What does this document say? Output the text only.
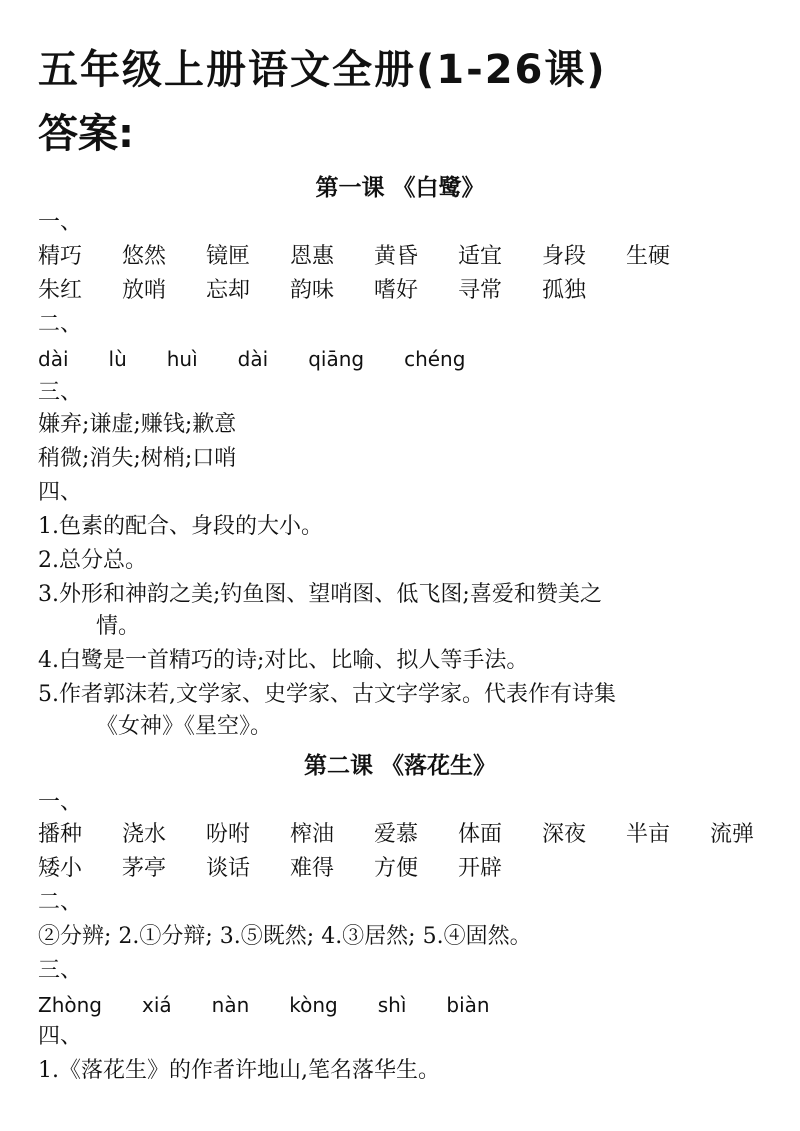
五年级上册语文全册(1-26课)
答案:
第一课 《白鹭》
一、
精巧	悠然	镜匣	恩惠	黄昏	适宜	身段	生硬
朱红	放哨	忘却	韵味	嗜好	寻常	孤独
二、
dài lù huì dài qiāng chéng
三、
嫌弃;谦虚;赚钱;歉意
稍微;消失;树梢;口哨
四、
1.色素的配合、身段的大小。
2.总分总。
3.外形和神韵之美;钓鱼图、望哨图、低飞图;喜爱和赞美之
情。
4.白鹭是一首精巧的诗;对比、比喻、拟人等手法。
5.作者郭沫若,文学家、史学家、古文字学家。代表作有诗集
《女神》《星空》。
第二课 《落花生》
一、
播种	浇水	吩咐	榨油	爱慕	体面	深夜	半亩	流弹
矮小	茅亭	谈话	难得	方便	开辟
二、
②分辨; 2.①分辩; 3.⑤既然; 4.③居然; 5.④固然。
三、
Zhòng xiá nàn kòng shì biàn
四、
1.《落花生》的作者许地山,笔名落华生。
